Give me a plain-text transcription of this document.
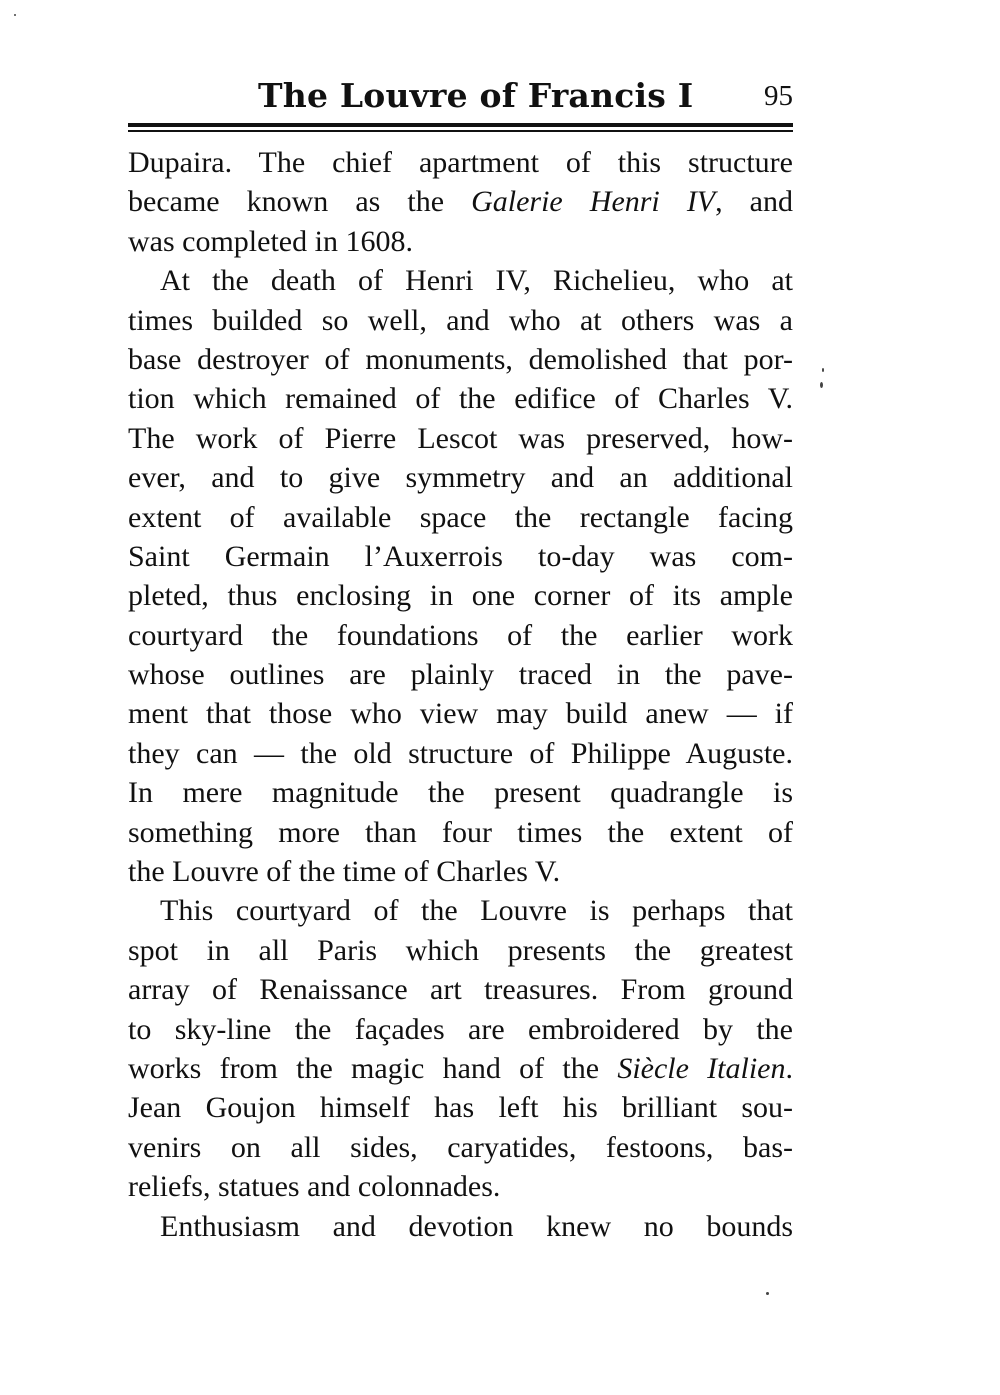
The Louvre of Francis I 95
Dupaira. The chief apartment of this structure
became known as the Galerie Henri IV, and
was completed in 1608.
At the death of Henri IV, Richelieu, who at
times builded so well, and who at others was a
base destroyer of monuments, demolished that por-
tion which remained of the edifice of Charles V.
The work of Pierre Lescot was preserved, how-
ever, and to give symmetry and an additional
extent of available space the rectangle facing
Saint Germain l’Auxerrois to-day was com-
pleted, thus enclosing in one corner of its ample
courtyard the foundations of the earlier work
whose outlines are plainly traced in the pave-
ment that those who view may build anew — if
they can — the old structure of Philippe Auguste.
In mere magnitude the present quadrangle is
something more than four times the extent of
the Louvre of the time of Charles V.
This courtyard of the Louvre is perhaps that
spot in all Paris which presents the greatest
array of Renaissance art treasures. From ground
to sky-line the façades are embroidered by the
works from the magic hand of the Siècle Italien.
Jean Goujon himself has left his brilliant sou-
venirs on all sides, caryatides, festoons, bas-
reliefs, statues and colonnades.
Enthusiasm and devotion knew no bounds
